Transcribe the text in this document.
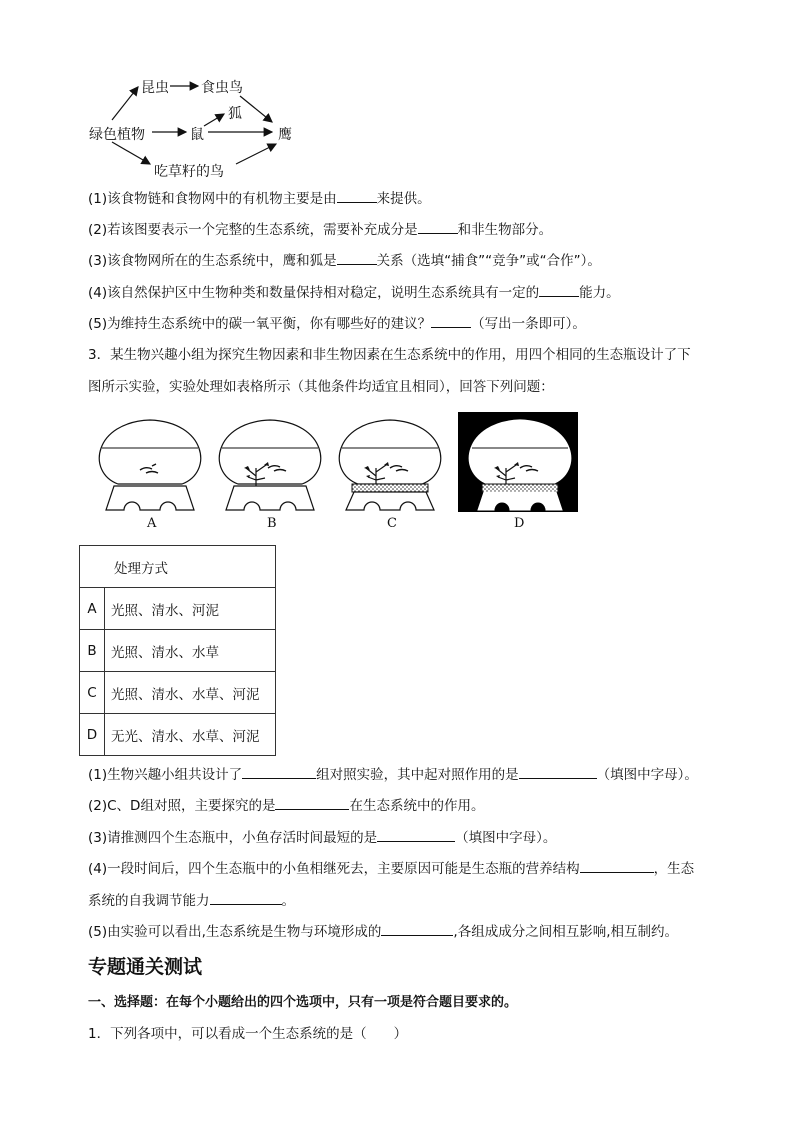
昆虫 食虫鸟
狐
绿色植物	鼠	鹰
吃草籽的鸟
(1)该食物链和食物网中的有机物主要是由	来提供。
(2)若该图要表示一个完整的生态系统，需要补充成分是	和非生物部分。
(3)该食物网所在的生态系统中，鹰和狐是	关系（选填“捕食”“竞争”或“合作”）。
(4)该自然保护区中生物种类和数量保持相对稳定，说明生态系统具有一定的	能力。
(5)为维持生态系统中的碳一氧平衡，你有哪些好的建议？	（写出一条即可）。
3．某生物兴趣小组为探究生物因素和非生物因素在生态系统中的作用，用四个相同的生态瓶设计了下
图所示实验，实验处理如表格所示（其他条件均适宜且相同），回答下列问题：
A	B	C	D
处理方式	
A	光照、清水、河泥
B	光照、清水、水草
C	光照、清水、水草、河泥
D	无光、清水、水草、河泥
(1)生物兴趣小组共设计了	组对照实验，其中起对照作用的是	（填图中字母）。
(2)C、D组对照，主要探究的是	在生态系统中的作用。
(3)请推测四个生态瓶中，小鱼存活时间最短的是	（填图中字母）。
(4)一段时间后，四个生态瓶中的小鱼相继死去，主要原因可能是生态瓶的营养结构	，生态
系统的自我调节能力	。
(5)由实验可以看出,生态系统是生物与环境形成的	,各组成成分之间相互影响,相互制约。
专题通关测试
一、选择题：在每个小题给出的四个选项中，只有一项是符合题目要求的。
1．下列各项中，可以看成一个生态系统的是（　　）
